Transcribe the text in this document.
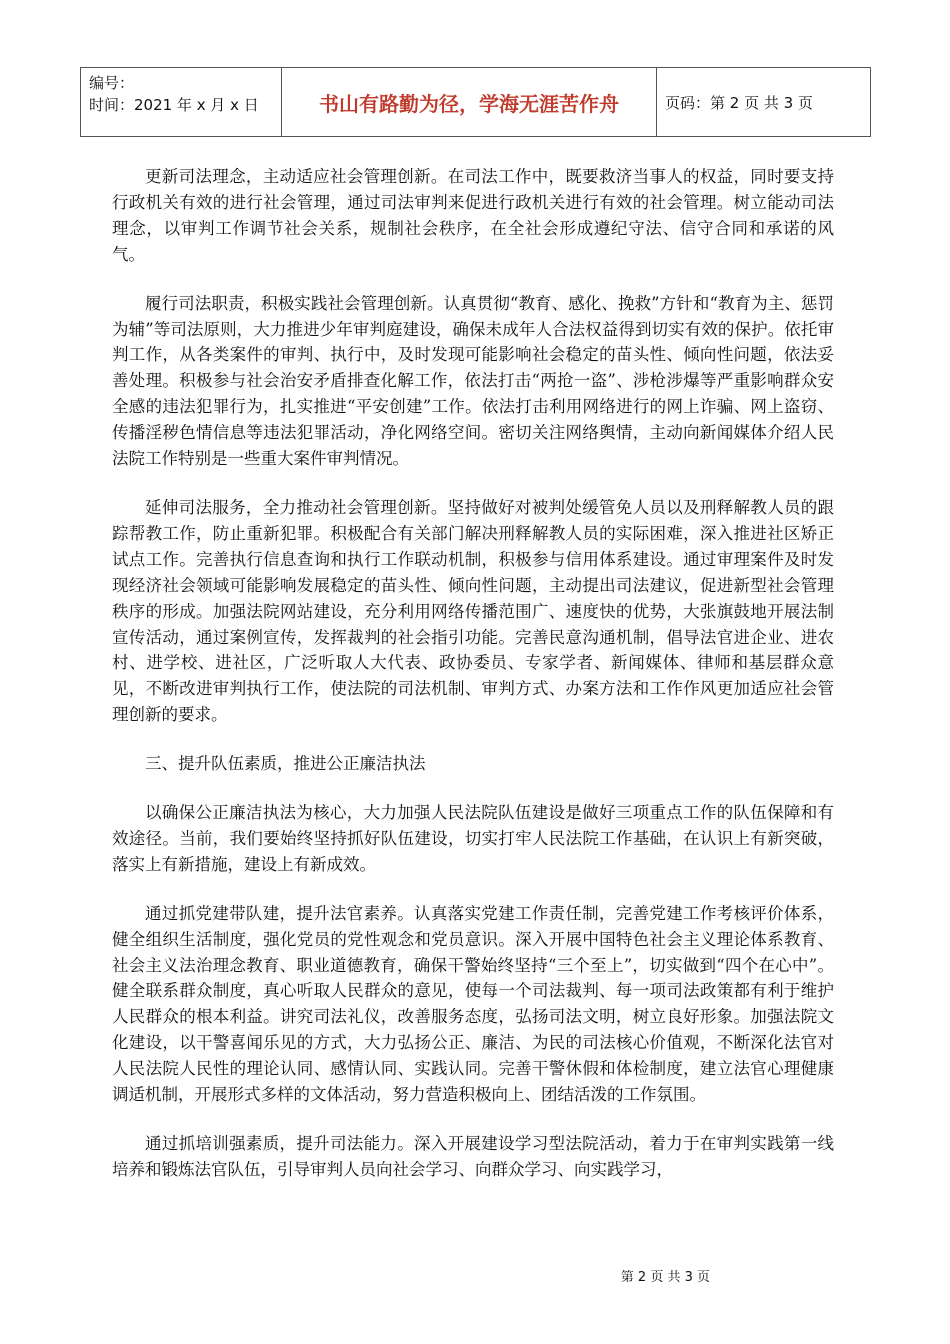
编号：
时间：2021 年 x 月 x 日	书山有路勤为径，学海无涯苦作舟	页码：第 2 页 共 3 页

更新司法理念，主动适应社会管理创新。在司法工作中，既要救济当事人的权益，同时要支持行政机关有效的进行社会管理，通过司法审判来促进行政机关进行有效的社会管理。树立能动司法理念，以审判工作调节社会关系，规制社会秩序，在全社会形成遵纪守法、信守合同和承诺的风气。

履行司法职责，积极实践社会管理创新。认真贯彻“教育、感化、挽救”方针和“教育为主、惩罚为辅”等司法原则，大力推进少年审判庭建设，确保未成年人合法权益得到切实有效的保护。依托审判工作，从各类案件的审判、执行中，及时发现可能影响社会稳定的苗头性、倾向性问题，依法妥善处理。积极参与社会治安矛盾排查化解工作，依法打击“两抢一盗”、涉枪涉爆等严重影响群众安全感的违法犯罪行为，扎实推进“平安创建”工作。依法打击利用网络进行的网上诈骗、网上盗窃、传播淫秽色情信息等违法犯罪活动，净化网络空间。密切关注网络舆情，主动向新闻媒体介绍人民法院工作特别是一些重大案件审判情况。

延伸司法服务，全力推动社会管理创新。坚持做好对被判处缓管免人员以及刑释解教人员的跟踪帮教工作，防止重新犯罪。积极配合有关部门解决刑释解教人员的实际困难，深入推进社区矫正试点工作。完善执行信息查询和执行工作联动机制，积极参与信用体系建设。通过审理案件及时发现经济社会领域可能影响发展稳定的苗头性、倾向性问题，主动提出司法建议，促进新型社会管理秩序的形成。加强法院网站建设，充分利用网络传播范围广、速度快的优势，大张旗鼓地开展法制宣传活动，通过案例宣传，发挥裁判的社会指引功能。完善民意沟通机制，倡导法官进企业、进农村、进学校、进社区，广泛听取人大代表、政协委员、专家学者、新闻媒体、律师和基层群众意见，不断改进审判执行工作，使法院的司法机制、审判方式、办案方法和工作作风更加适应社会管理创新的要求。

三、提升队伍素质，推进公正廉洁执法

以确保公正廉洁执法为核心，大力加强人民法院队伍建设是做好三项重点工作的队伍保障和有效途径。当前，我们要始终坚持抓好队伍建设，切实打牢人民法院工作基础，在认识上有新突破，落实上有新措施，建设上有新成效。

通过抓党建带队建，提升法官素养。认真落实党建工作责任制，完善党建工作考核评价体系，健全组织生活制度，强化党员的党性观念和党员意识。深入开展中国特色社会主义理论体系教育、社会主义法治理念教育、职业道德教育，确保干警始终坚持“三个至上”，切实做到“四个在心中”。健全联系群众制度，真心听取人民群众的意见，使每一个司法裁判、每一项司法政策都有利于维护人民群众的根本利益。讲究司法礼仪，改善服务态度，弘扬司法文明，树立良好形象。加强法院文化建设，以干警喜闻乐见的方式，大力弘扬公正、廉洁、为民的司法核心价值观，不断深化法官对人民法院人民性的理论认同、感情认同、实践认同。完善干警休假和体检制度，建立法官心理健康调适机制，开展形式多样的文体活动，努力营造积极向上、团结活泼的工作氛围。

通过抓培训强素质，提升司法能力。深入开展建设学习型法院活动，着力于在审判实践第一线培养和锻炼法官队伍，引导审判人员向社会学习、向群众学习、向实践学习，

第 2 页 共 3 页
